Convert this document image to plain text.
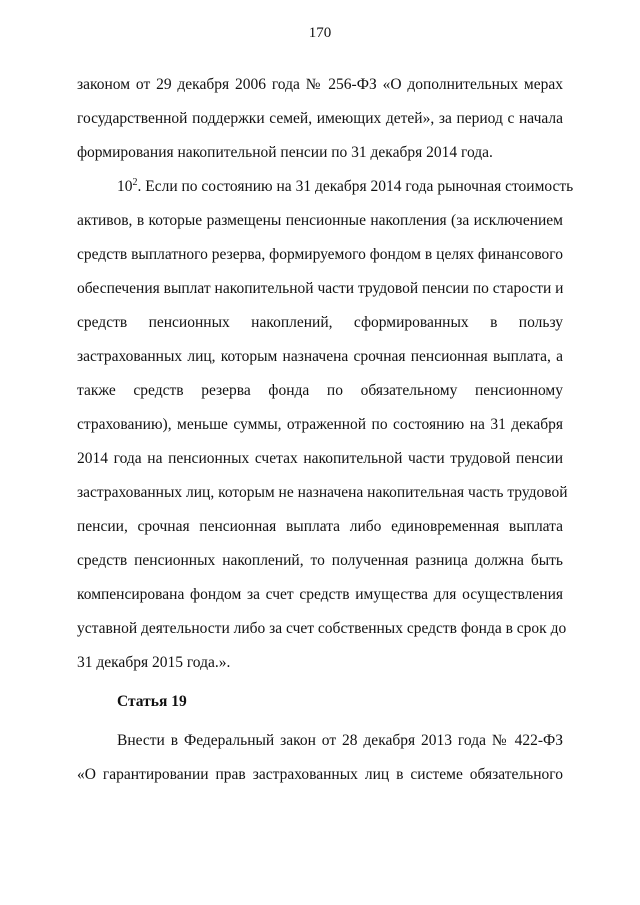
170
законом от 29 декабря 2006 года № 256-ФЗ «О дополнительных мерах
государственной поддержки семей, имеющих детей», за период с начала
формирования накопительной пенсии по 31 декабря 2014 года.
$10^2$. Если по состоянию на 31 декабря 2014 года рыночная стоимость
активов, в которые размещены пенсионные накопления (за исключением
средств выплатного резерва, формируемого фондом в целях финансового
обеспечения выплат накопительной части трудовой пенсии по старости и
средств пенсионных накоплений, сформированных в пользу
застрахованных лиц, которым назначена срочная пенсионная выплата, а
также средств резерва фонда по обязательному пенсионному
страхованию), меньше суммы, отраженной по состоянию на 31 декабря
2014 года на пенсионных счетах накопительной части трудовой пенсии
застрахованных лиц, которым не назначена накопительная часть трудовой
пенсии, срочная пенсионная выплата либо единовременная выплата
средств пенсионных накоплений, то полученная разница должна быть
компенсирована фондом за счет средств имущества для осуществления
уставной деятельности либо за счет собственных средств фонда в срок до
31 декабря 2015 года.».
Статья 19
Внести в Федеральный закон от 28 декабря 2013 года № 422-ФЗ
«О гарантировании прав застрахованных лиц в системе обязательного
